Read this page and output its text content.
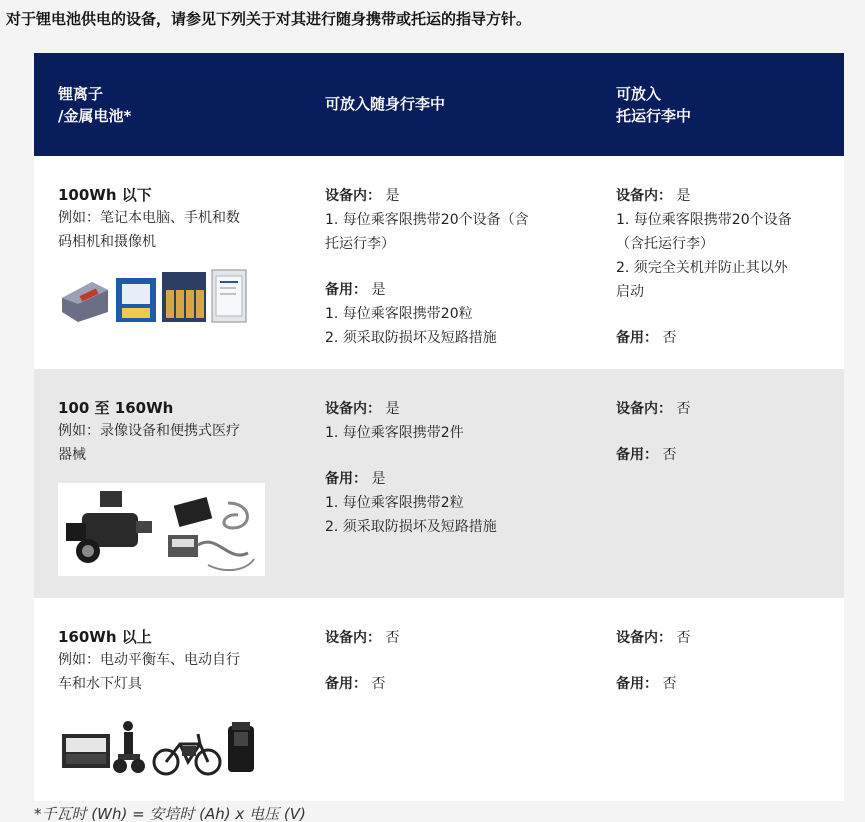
对于锂电池供电的设备，请参见下列关于对其进行随身携带或托运的指导方针。
锂离子
/金属电池*
可放入随身行李中
可放入
托运行李中
100Wh 以下
例如：笔记本电脑、手机和数
码相机和摄像机
设备内： 是
1. 每位乘客限携带20个设备（含
托运行李）
备用： 是
1. 每位乘客限携带20粒
2. 须采取防损坏及短路措施
设备内： 是
1. 每位乘客限携带20个设备
（含托运行李）
2. 须完全关机并防止其以外
启动
备用： 否
100 至 160Wh
例如：录像设备和便携式医疗
器械
设备内： 是
1. 每位乘客限携带2件
备用： 是
1. 每位乘客限携带2粒
2. 须采取防损坏及短路措施
设备内： 否
备用： 否
160Wh 以上
例如：电动平衡车、电动自行
车和水下灯具
设备内： 否
备用： 否
设备内： 否
备用： 否
*千瓦时 (Wh) = 安培时 (Ah) x 电压 (V)
